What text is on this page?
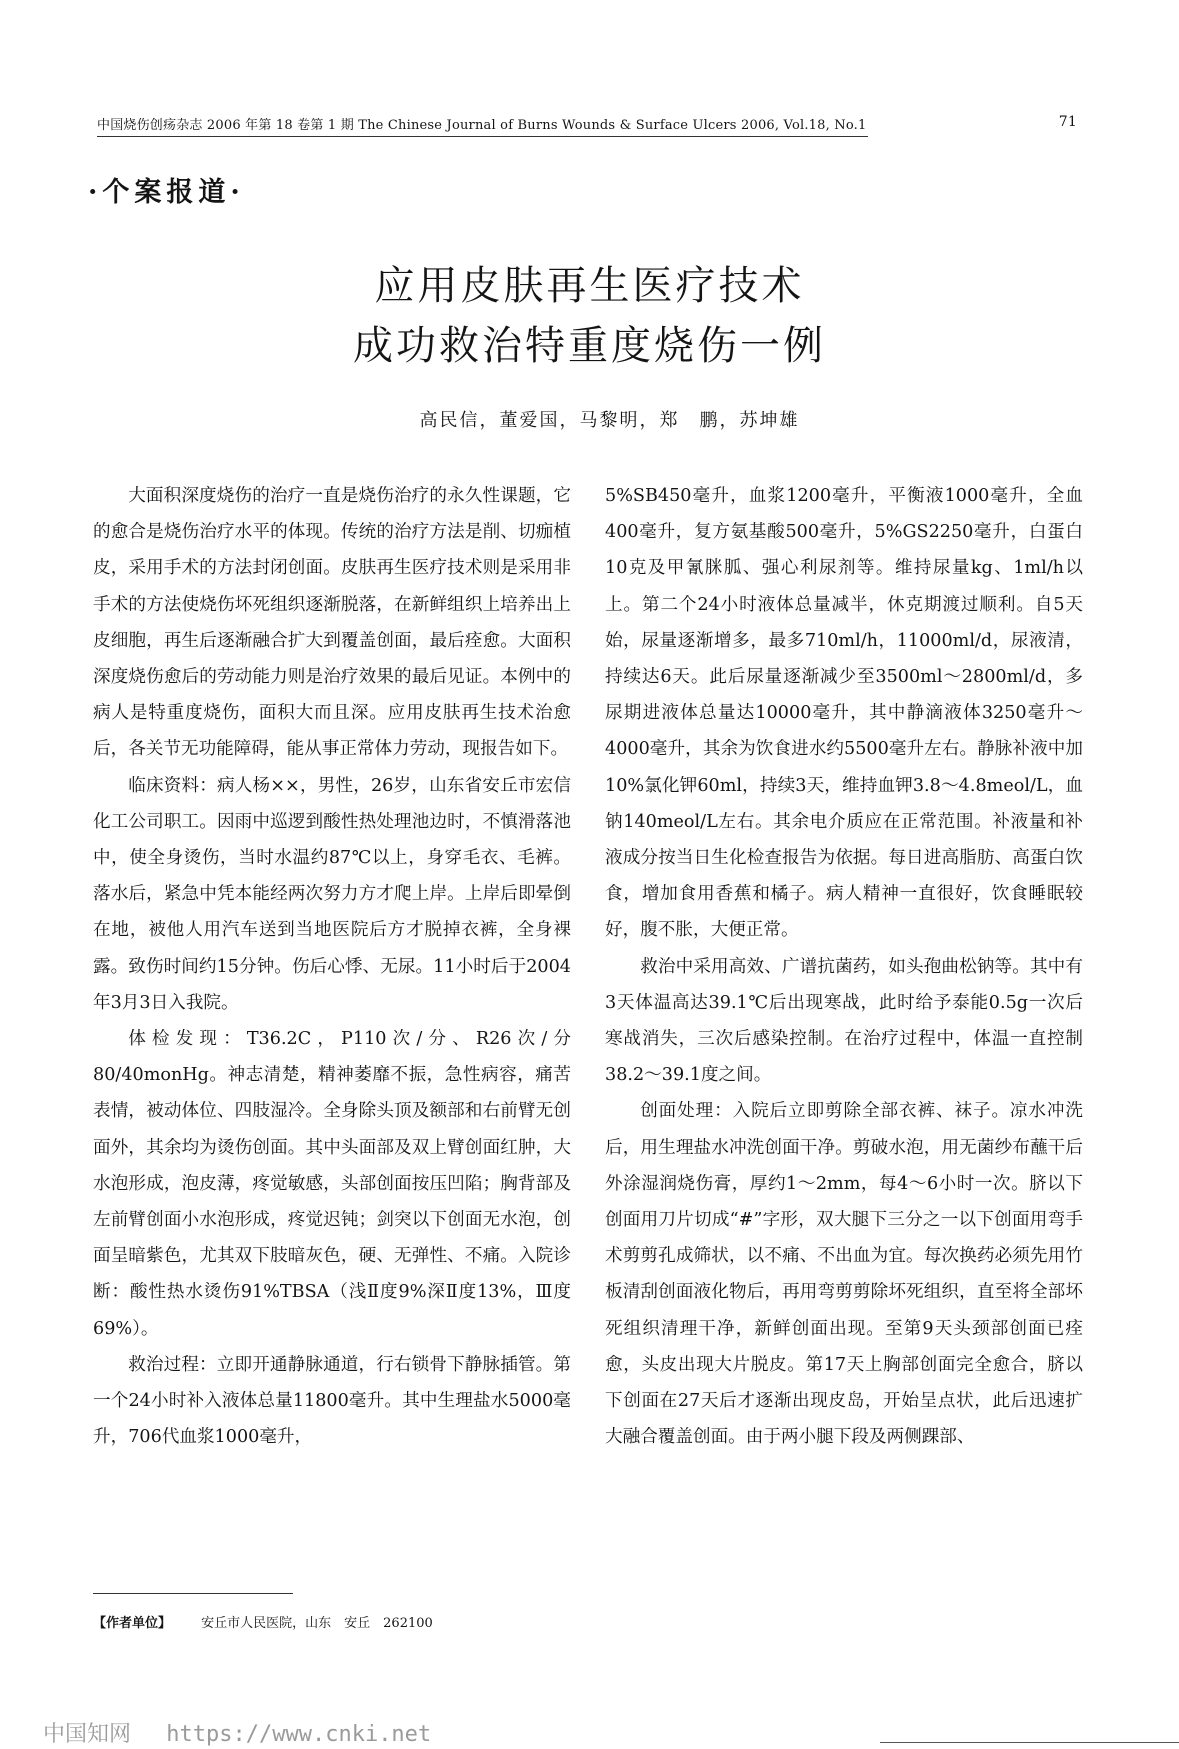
中国烧伤创疡杂志 2006 年第 18 卷第 1 期 The Chinese Journal of Burns Wounds & Surface Ulcers 2006, Vol.18, No.1	71
·个案报道·
应用皮肤再生医疗技术
成功救治特重度烧伤一例
高民信，董爱国，马黎明，郑　鹏，苏坤雄

大面积深度烧伤的治疗一直是烧伤治疗的永久性课题，它的愈合是烧伤治疗水平的体现。传统的治疗方法是削、切痂植皮，采用手术的方法封闭创面。皮肤再生医疗技术则是采用非手术的方法使烧伤坏死组织逐渐脱落，在新鲜组织上培养出上皮细胞，再生后逐渐融合扩大到覆盖创面，最后痊愈。大面积深度烧伤愈后的劳动能力则是治疗效果的最后见证。本例中的病人是特重度烧伤，面积大而且深。应用皮肤再生技术治愈后，各关节无功能障碍，能从事正常体力劳动，现报告如下。

临床资料：病人杨××，男性，26岁，山东省安丘市宏信化工公司职工。因雨中巡逻到酸性热处理池边时，不慎滑落池中，使全身烫伤，当时水温约87℃以上，身穿毛衣、毛裤。落水后，紧急中凭本能经两次努力方才爬上岸。上岸后即晕倒在地，被他人用汽车送到当地医院后方才脱掉衣裤，全身裸露。致伤时间约15分钟。伤后心悸、无尿。11小时后于2004年3月3日入我院。

体检发现：T36.2C，P110次/分、R26次/分80/40monHg。神志清楚，精神萎靡不振，急性病容，痛苦表情，被动体位、四肢湿冷。全身除头顶及额部和右前臂无创面外，其余均为烫伤创面。其中头面部及双上臂创面红肿，大水泡形成，泡皮薄，疼觉敏感，头部创面按压凹陷；胸背部及左前臂创面小水泡形成，疼觉迟钝；剑突以下创面无水泡，创面呈暗紫色，尤其双下肢暗灰色，硬、无弹性、不痛。入院诊断：酸性热水烫伤91%TBSA（浅Ⅱ度9%深Ⅱ度13%，Ⅲ度69%）。

救治过程：立即开通静脉通道，行右锁骨下静脉插管。第一个24小时补入液体总量11800毫升。其中生理盐水5000毫升，706代血浆1000毫升，

5%SB450毫升，血浆1200毫升，平衡液1000毫升，全血400毫升，复方氨基酸500毫升，5%GS2250毫升，白蛋白10克及甲氰脒胍、强心利尿剂等。维持尿量kg、1ml/h以上。第二个24小时液体总量减半，休克期渡过顺利。自5天始，尿量逐渐增多，最多710ml/h，11000ml/d，尿液清，持续达6天。此后尿量逐渐减少至3500ml～2800ml/d，多尿期进液体总量达10000毫升，其中静滴液体3250毫升～4000毫升，其余为饮食进水约5500毫升左右。静脉补液中加10%氯化钾60ml，持续3天，维持血钾3.8～4.8meol/L，血钠140meol/L左右。其余电介质应在正常范围。补液量和补液成分按当日生化检查报告为依据。每日进高脂肪、高蛋白饮食，增加食用香蕉和橘子。病人精神一直很好，饮食睡眠较好，腹不胀，大便正常。

救治中采用高效、广谱抗菌药，如头孢曲松钠等。其中有3天体温高达39.1℃后出现寒战，此时给予泰能0.5g一次后寒战消失，三次后感染控制。在治疗过程中，体温一直控制38.2～39.1度之间。

创面处理：入院后立即剪除全部衣裤、袜子。凉水冲洗后，用生理盐水冲洗创面干净。剪破水泡，用无菌纱布蘸干后外涂湿润烧伤膏，厚约1～2mm，每4～6小时一次。脐以下创面用刀片切成“#”字形，双大腿下三分之一以下创面用弯手术剪剪孔成筛状，以不痛、不出血为宜。每次换药必须先用竹板清刮创面液化物后，再用弯剪剪除坏死组织，直至将全部坏死组织清理干净，新鲜创面出现。至第9天头颈部创面已痊愈，头皮出现大片脱皮。第17天上胸部创面完全愈合，脐以下创面在27天后才逐渐出现皮岛，开始呈点状，此后迅速扩大融合覆盖创面。由于两小腿下段及两侧踝部、

【作者单位】 安丘市人民医院，山东　安丘　262100
中国知网 https://www.cnki.net
